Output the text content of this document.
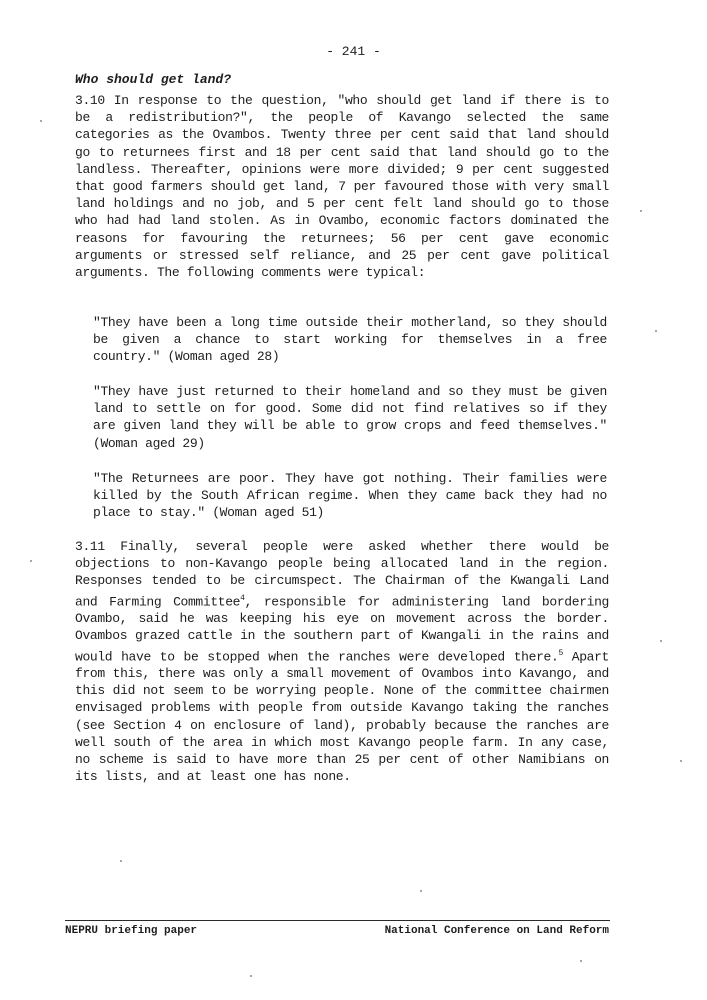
- 241 -
Who should get land?

3.10 In response to the question, "who should get land if there is to be a redistribution?", the people of Kavango selected the same categories as the Ovambos. Twenty three per cent said that land should go to returnees first and 18 per cent said that land should go to the landless. Thereafter, opinions were more divided; 9 per cent suggested that good farmers should get land, 7 per favoured those with very small land holdings and no job, and 5 per cent felt land should go to those who had had land stolen. As in Ovambo, economic factors dominated the reasons for favouring the returnees; 56 per cent gave economic arguments or stressed self reliance, and 25 per cent gave political arguments. The following comments were typical:

"They have been a long time outside their motherland, so they should be given a chance to start working for themselves in a free country." (Woman aged 28)

"They have just returned to their homeland and so they must be given land to settle on for good. Some did not find relatives so if they are given land they will be able to grow crops and feed themselves." (Woman aged 29)

"The Returnees are poor. They have got nothing. Their families were killed by the South African regime. When they came back they had no place to stay." (Woman aged 51)

3.11 Finally, several people were asked whether there would be objections to non-Kavango people being allocated land in the region. Responses tended to be circumspect. The Chairman of the Kwangali Land and Farming Committee$^4$, responsible for administering land bordering Ovambo, said he was keeping his eye on movement across the border. Ovambos grazed cattle in the southern part of Kwangali in the rains and would have to be stopped when the ranches were developed there.$^5$ Apart from this, there was only a small movement of Ovambos into Kavango, and this did not seem to be worrying people. None of the committee chairmen envisaged problems with people from outside Kavango taking the ranches (see Section 4 on enclosure of land), probably because the ranches are well south of the area in which most Kavango people farm. In any case, no scheme is said to have more than 25 per cent of other Namibians on its lists, and at least one has none.

NEPRU briefing paper	National Conference on Land Reform
